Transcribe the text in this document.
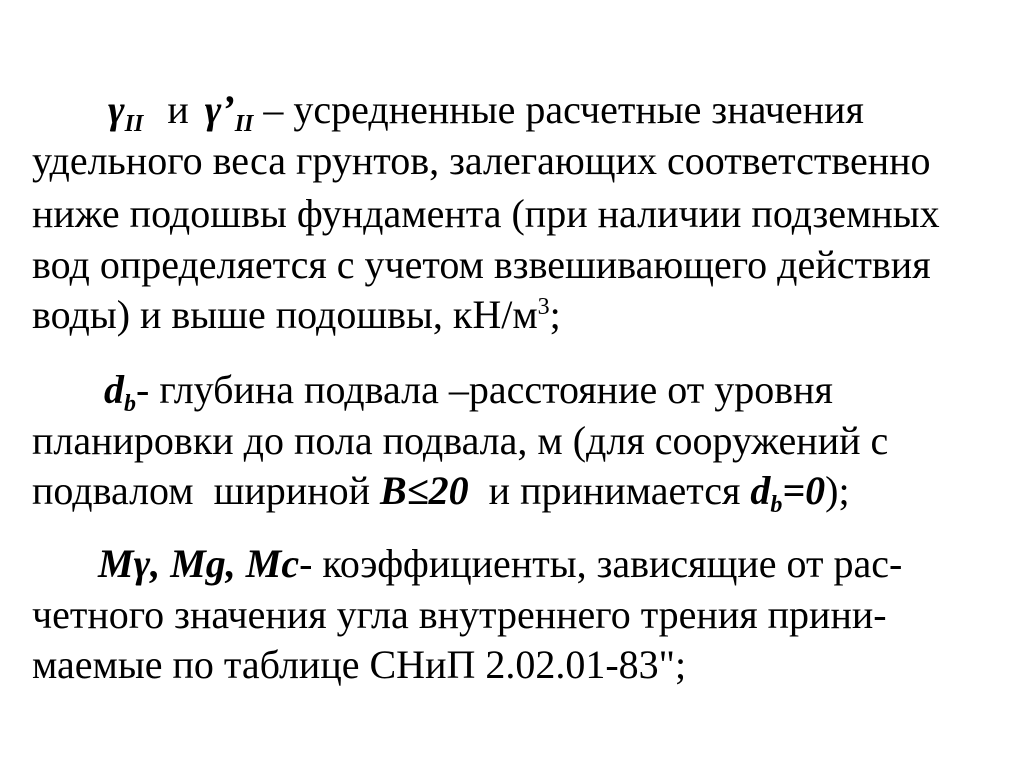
$\gamma_{II}$ и $\gamma’_{II}$ – усредненные расчетные значения
удельного веса грунтов, залегающих соответственно
ниже подошвы фундамента (при наличии подземных
вод определяется с учетом взвешивающего действия
воды) и выше подошвы, $кН/м^3$;
$d_b-$ глубина подвала –расстояние от уровня
планировки до пола подвала, м (для сооружений с
подвалом  шириной B≤20  и принимается $d_b=0$);
Mγ, Mg, Mc- коэффициенты, зависящие от рас-
четного значения угла внутреннего трения прини-
маемые по таблице СНиП 2.02.01-83";
